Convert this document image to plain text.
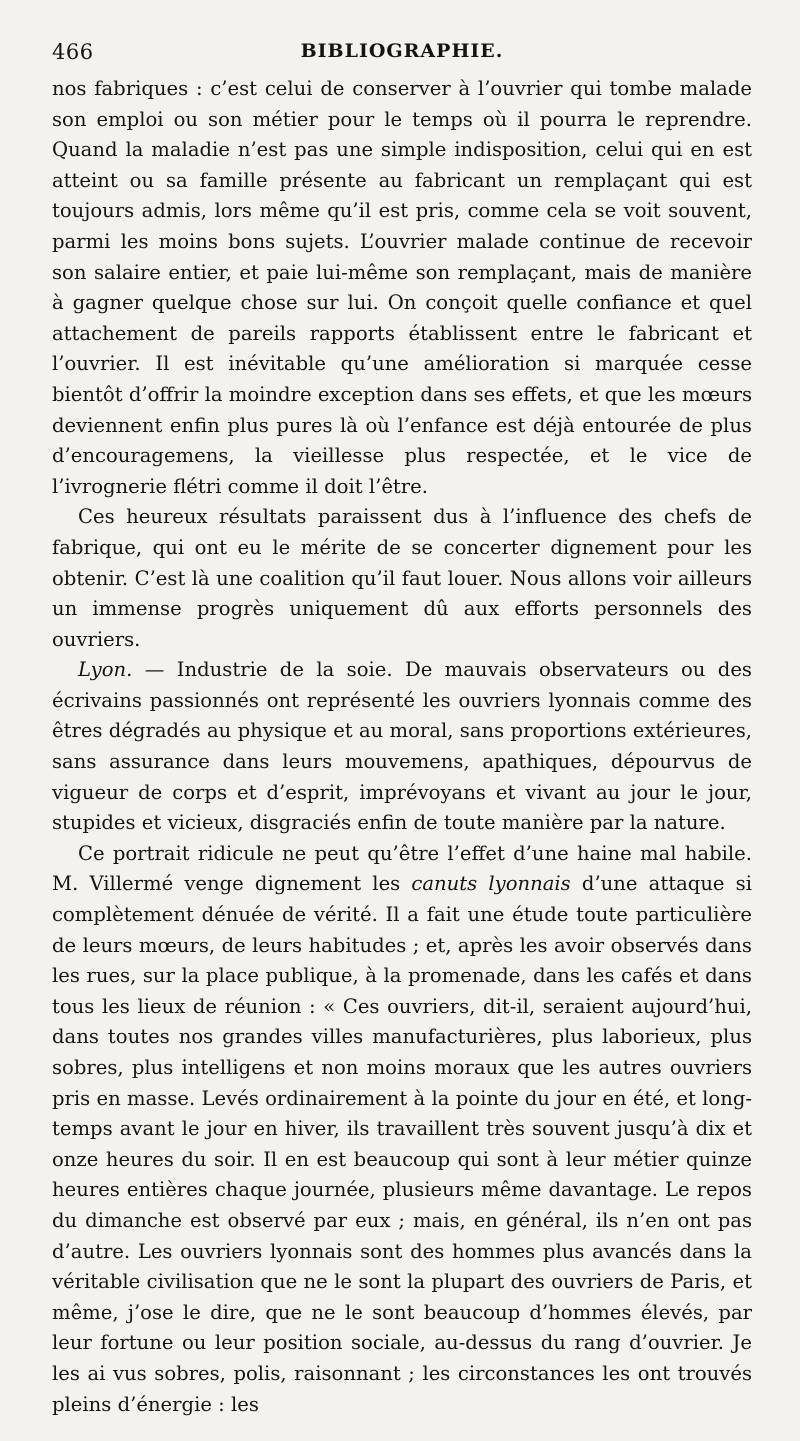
466	BIBLIOGRAPHIE.

nos fabriques : c’est celui de conserver à l’ouvrier qui tombe malade son emploi ou son métier pour le temps où il pourra le reprendre. Quand la maladie n’est pas une simple indisposition, celui qui en est atteint ou sa famille présente au fabricant un remplaçant qui est toujours admis, lors même qu’il est pris, comme cela se voit souvent, parmi les moins bons sujets. L’ouvrier malade continue de recevoir son salaire entier, et paie lui-même son remplaçant, mais de manière à gagner quelque chose sur lui. On conçoit quelle confiance et quel attachement de pareils rapports établissent entre le fabricant et l’ouvrier. Il est inévitable qu’une amélioration si marquée cesse bientôt d’offrir la moindre exception dans ses effets, et que les mœurs deviennent enfin plus pures là où l’enfance est déjà entourée de plus d’encouragemens, la vieillesse plus respectée, et le vice de l’ivrognerie flétri comme il doit l’être.

Ces heureux résultats paraissent dus à l’influence des chefs de fabrique, qui ont eu le mérite de se concerter dignement pour les obtenir. C’est là une coalition qu’il faut louer. Nous allons voir ailleurs un immense progrès uniquement dû aux efforts personnels des ouvriers.

Lyon. — Industrie de la soie. De mauvais observateurs ou des écrivains passionnés ont représenté les ouvriers lyonnais comme des êtres dégradés au physique et au moral, sans proportions extérieures, sans assurance dans leurs mouvemens, apathiques, dépourvus de vigueur de corps et d’esprit, imprévoyans et vivant au jour le jour, stupides et vicieux, disgraciés enfin de toute manière par la nature.

Ce portrait ridicule ne peut qu’être l’effet d’une haine mal habile. M. Villermé venge dignement les canuts lyonnais d’une attaque si complètement dénuée de vérité. Il a fait une étude toute particulière de leurs mœurs, de leurs habitudes ; et, après les avoir observés dans les rues, sur la place publique, à la promenade, dans les cafés et dans tous les lieux de réunion : « Ces ouvriers, dit-il, seraient aujourd’hui, dans toutes nos grandes villes manufacturières, plus laborieux, plus sobres, plus intelligens et non moins moraux que les autres ouvriers pris en masse. Levés ordinairement à la pointe du jour en été, et long-temps avant le jour en hiver, ils travaillent très souvent jusqu’à dix et onze heures du soir. Il en est beaucoup qui sont à leur métier quinze heures entières chaque journée, plusieurs même davantage. Le repos du dimanche est observé par eux ; mais, en général, ils n’en ont pas d’autre. Les ouvriers lyonnais sont des hommes plus avancés dans la véritable civilisation que ne le sont la plupart des ouvriers de Paris, et même, j’ose le dire, que ne le sont beaucoup d’hommes élevés, par leur fortune ou leur position sociale, au-dessus du rang d’ouvrier. Je les ai vus sobres, polis, raisonnant ; les circonstances les ont trouvés pleins d’énergie : les
